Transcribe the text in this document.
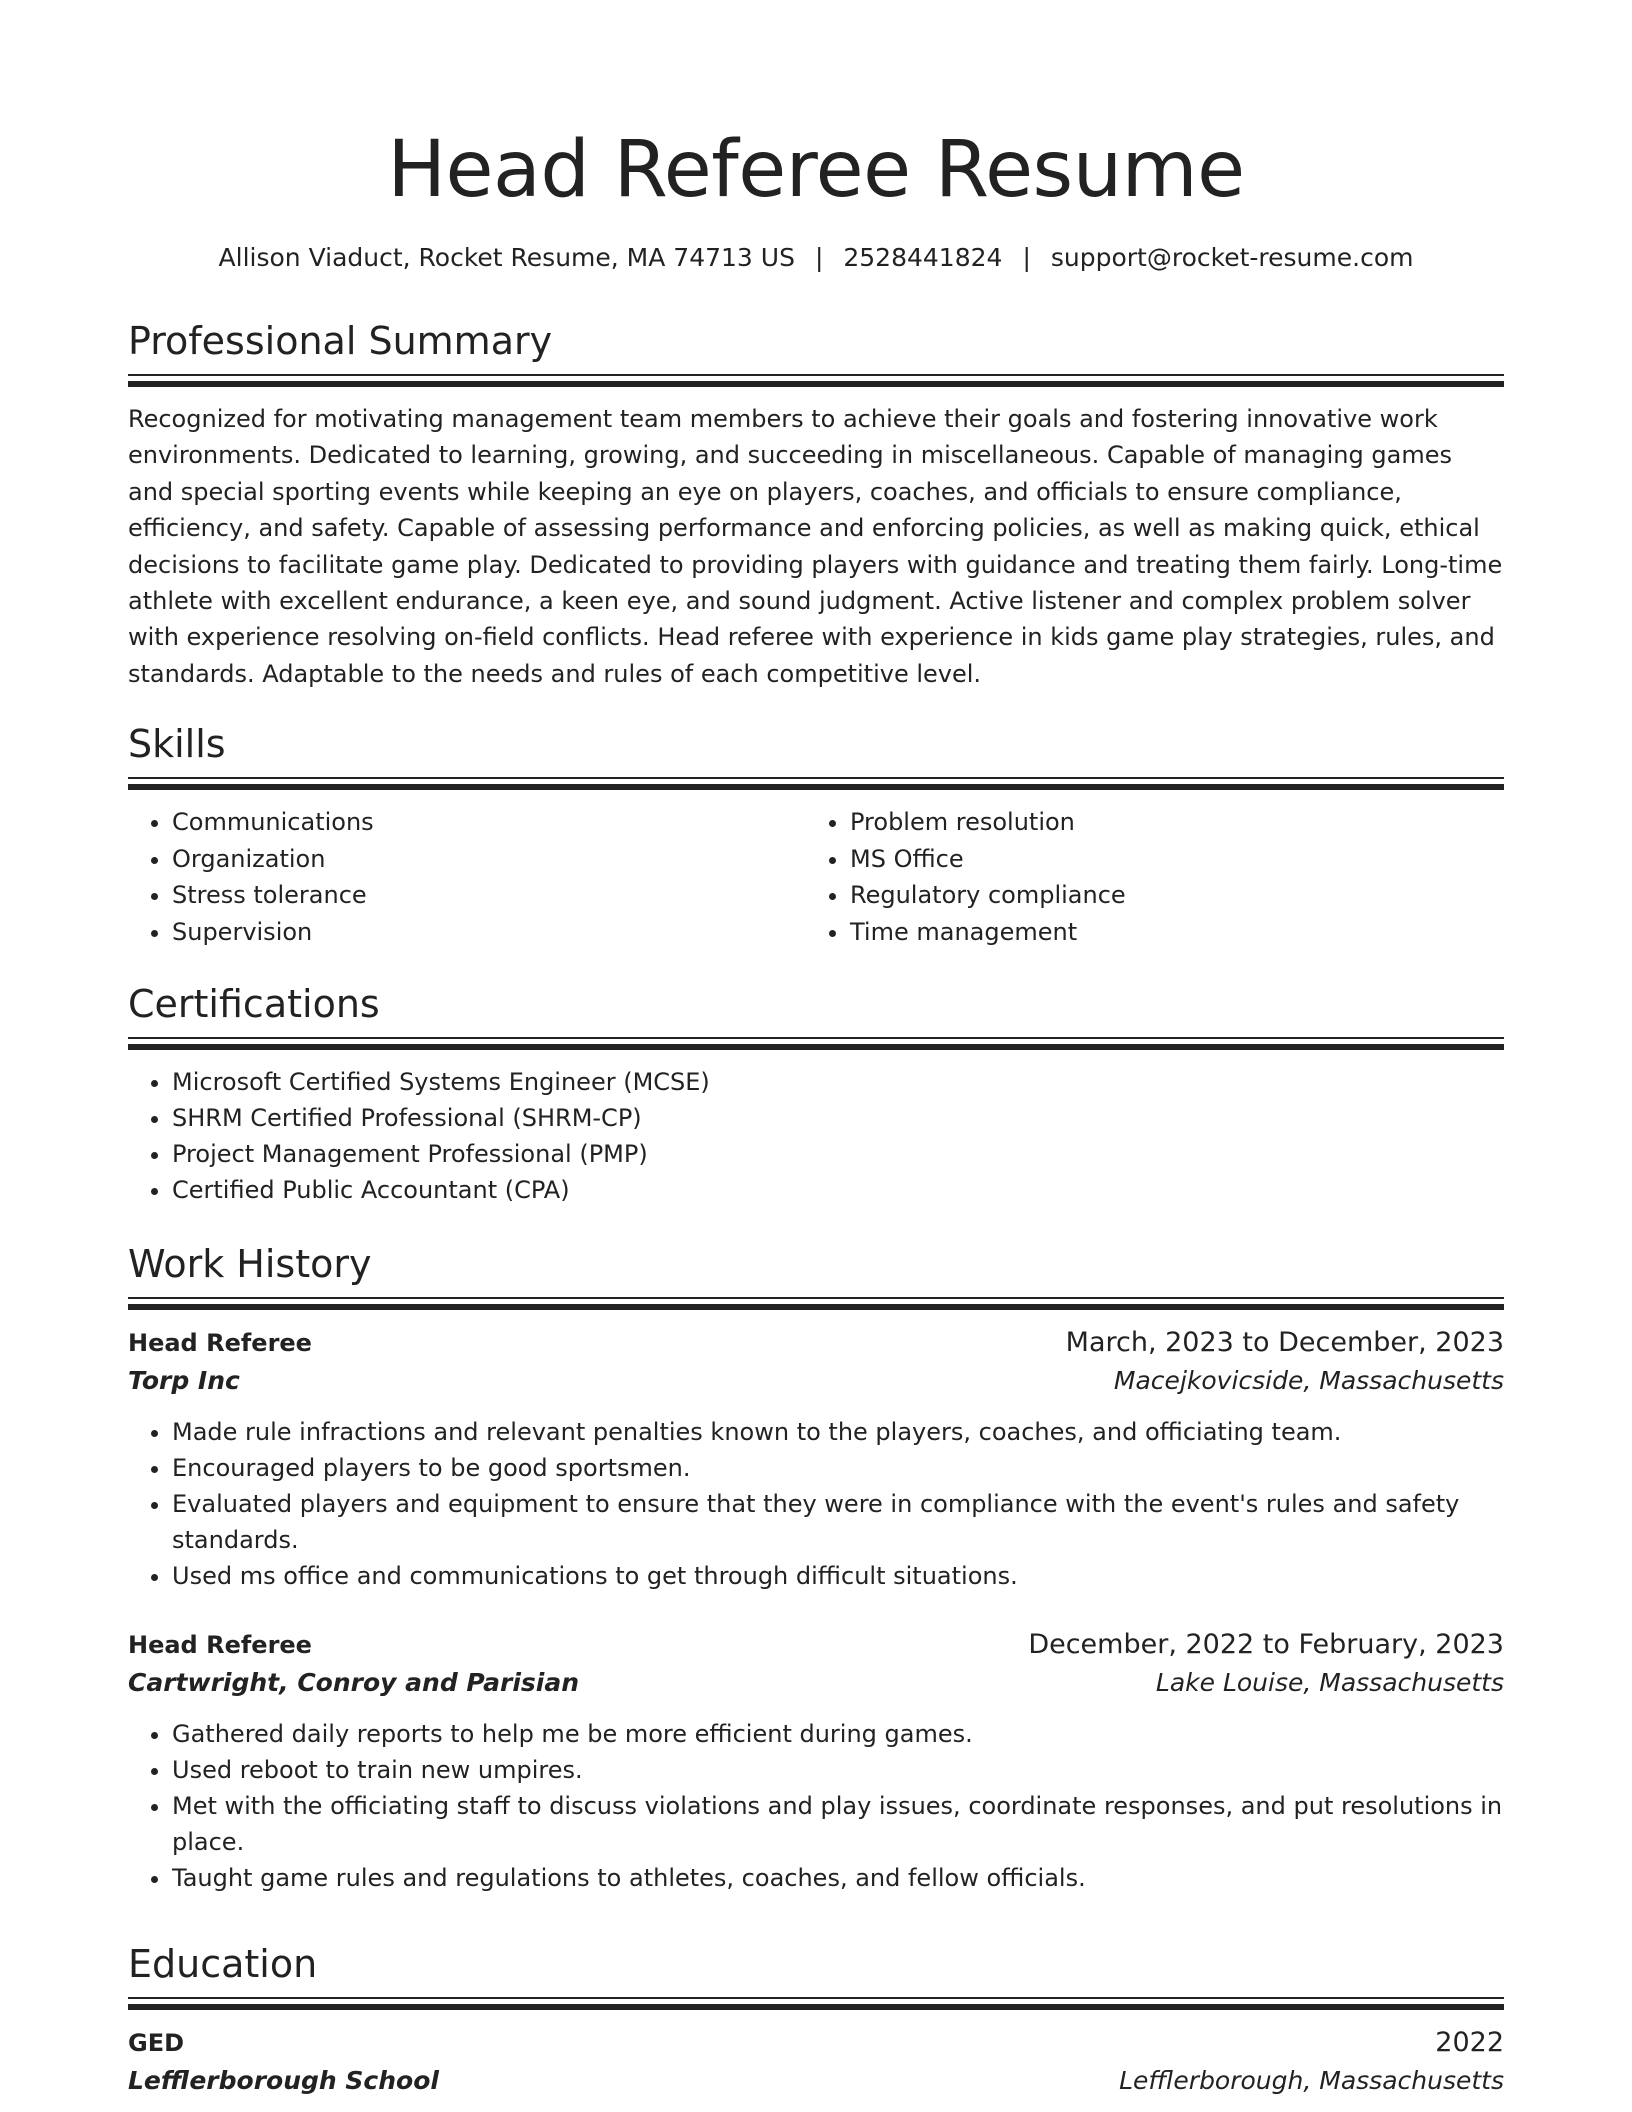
Head Referee Resume
Allison Viaduct, Rocket Resume, MA 74713 US | 2528441824 | support@rocket-resume.com
Professional Summary
Recognized for motivating management team members to achieve their goals and fostering innovative work environments. Dedicated to learning, growing, and succeeding in miscellaneous. Capable of managing games and special sporting events while keeping an eye on players, coaches, and officials to ensure compliance, efficiency, and safety. Capable of assessing performance and enforcing policies, as well as making quick, ethical decisions to facilitate game play. Dedicated to providing players with guidance and treating them fairly. Long-time athlete with excellent endurance, a keen eye, and sound judgment. Active listener and complex problem solver with experience resolving on-field conflicts. Head referee with experience in kids game play strategies, rules, and standards. Adaptable to the needs and rules of each competitive level.
Skills
• Communications
• Organization
• Stress tolerance
• Supervision
• Problem resolution
• MS Office
• Regulatory compliance
• Time management
Certifications
• Microsoft Certified Systems Engineer (MCSE)
• SHRM Certified Professional (SHRM-CP)
• Project Management Professional (PMP)
• Certified Public Accountant (CPA)
Work History
Head Referee	March, 2023 to December, 2023
Torp Inc	Macejkovicside, Massachusetts
• Made rule infractions and relevant penalties known to the players, coaches, and officiating team.
• Encouraged players to be good sportsmen.
• Evaluated players and equipment to ensure that they were in compliance with the event's rules and safety standards.
• Used ms office and communications to get through difficult situations.
Head Referee	December, 2022 to February, 2023
Cartwright, Conroy and Parisian	Lake Louise, Massachusetts
• Gathered daily reports to help me be more efficient during games.
• Used reboot to train new umpires.
• Met with the officiating staff to discuss violations and play issues, coordinate responses, and put resolutions in place.
• Taught game rules and regulations to athletes, coaches, and fellow officials.
Education
GED	2022
Lefflerborough School	Lefflerborough, Massachusetts
